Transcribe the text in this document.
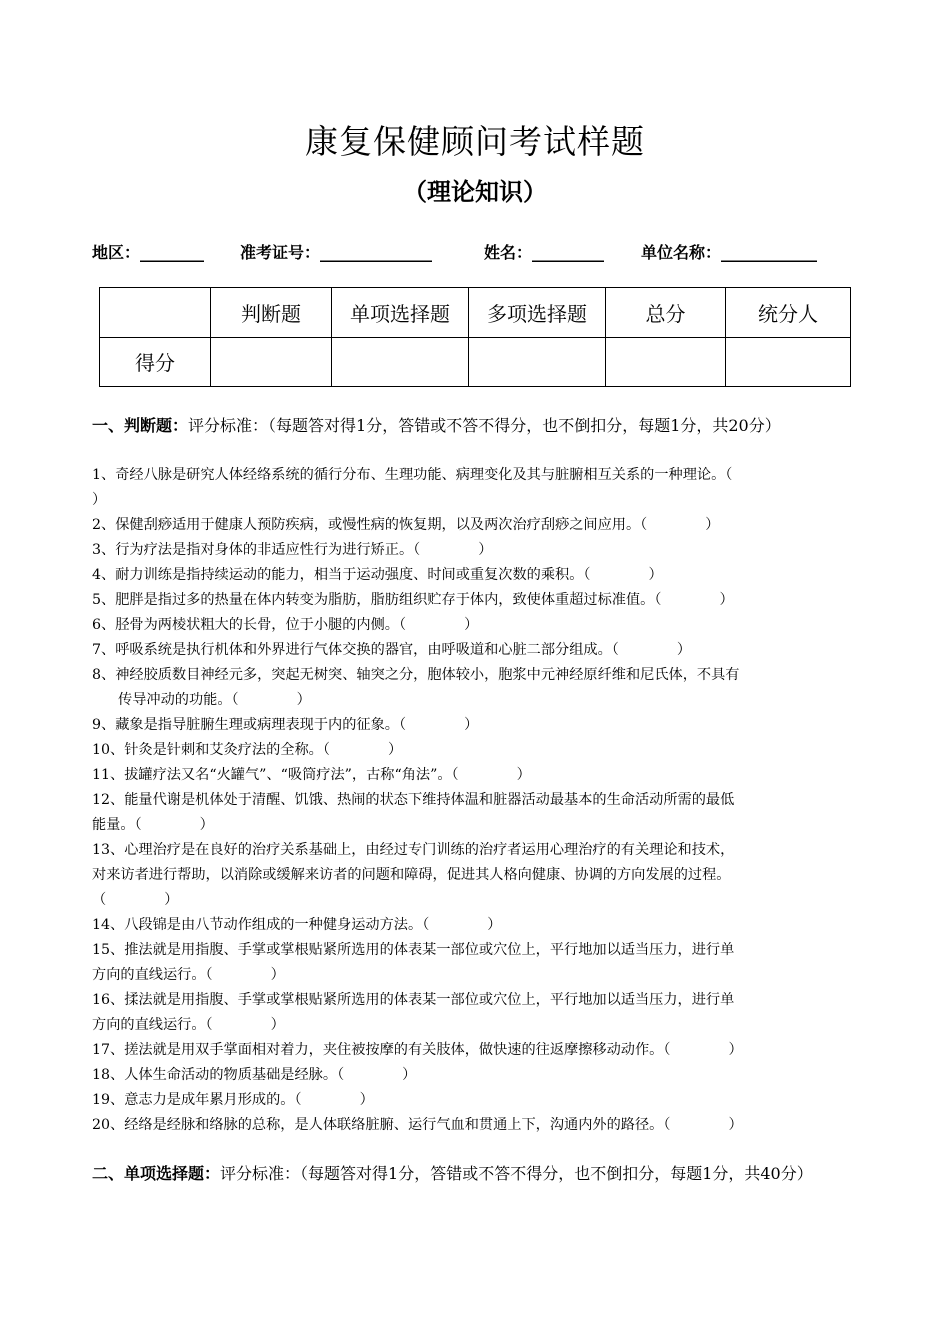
康复保健顾问考试样题
（理论知识）
地区：________ 准考证号：______________	姓名：_________ 单位名称：____________
	判断题	单项选择题	多项选择题	总分	统分人
得分					
一、判断题：评分标准：（每题答对得1分，答错或不答不得分，也不倒扣分，每题1分，共20分）
1、奇经八脉是研究人体经络系统的循行分布、生理功能、病理变化及其与脏腑相互关系的一种理论。（
）
2、保健刮痧适用于健康人预防疾病，或慢性病的恢复期，以及两次治疗刮痧之间应用。（	）
3、行为疗法是指对身体的非适应性行为进行矫正。（	）
4、耐力训练是指持续运动的能力，相当于运动强度、时间或重复次数的乘积。（	）
5、肥胖是指过多的热量在体内转变为脂肪，脂肪组织贮存于体内，致使体重超过标准值。（	）
6、胫骨为两棱状粗大的长骨，位于小腿的内侧。（	）
7、呼吸系统是执行机体和外界进行气体交换的器官，由呼吸道和心脏二部分组成。（	）
8、神经胶质数目神经元多，突起无树突、轴突之分，胞体较小，胞浆中元神经原纤维和尼氏体，不具有
传导冲动的功能。（	）
9、藏象是指导脏腑生理或病理表现于内的征象。（	）
10、针灸是针刺和艾灸疗法的全称。（	）
11、拔罐疗法又名“火罐气”、“吸筒疗法”，古称“角法”。（	）
12、能量代谢是机体处于清醒、饥饿、热闹的状态下维持体温和脏器活动最基本的生命活动所需的最低
能量。（	）
13、心理治疗是在良好的治疗关系基础上，由经过专门训练的治疗者运用心理治疗的有关理论和技术，
对来访者进行帮助，以消除或缓解来访者的问题和障碍，促进其人格向健康、协调的方向发展的过程。
（	）
14、八段锦是由八节动作组成的一种健身运动方法。（	）
15、推法就是用指腹、手掌或掌根贴紧所选用的体表某一部位或穴位上，平行地加以适当压力，进行单
方向的直线运行。（	）
16、揉法就是用指腹、手掌或掌根贴紧所选用的体表某一部位或穴位上，平行地加以适当压力，进行单
方向的直线运行。（	）
17、搓法就是用双手掌面相对着力，夹住被按摩的有关肢体，做快速的往返摩擦移动动作。（	）
18、人体生命活动的物质基础是经脉。（	）
19、意志力是成年累月形成的。（	）
20、经络是经脉和络脉的总称，是人体联络脏腑、运行气血和贯通上下，沟通内外的路径。（	）
二、单项选择题：评分标准：（每题答对得1分，答错或不答不得分，也不倒扣分，每题1分，共40分）
